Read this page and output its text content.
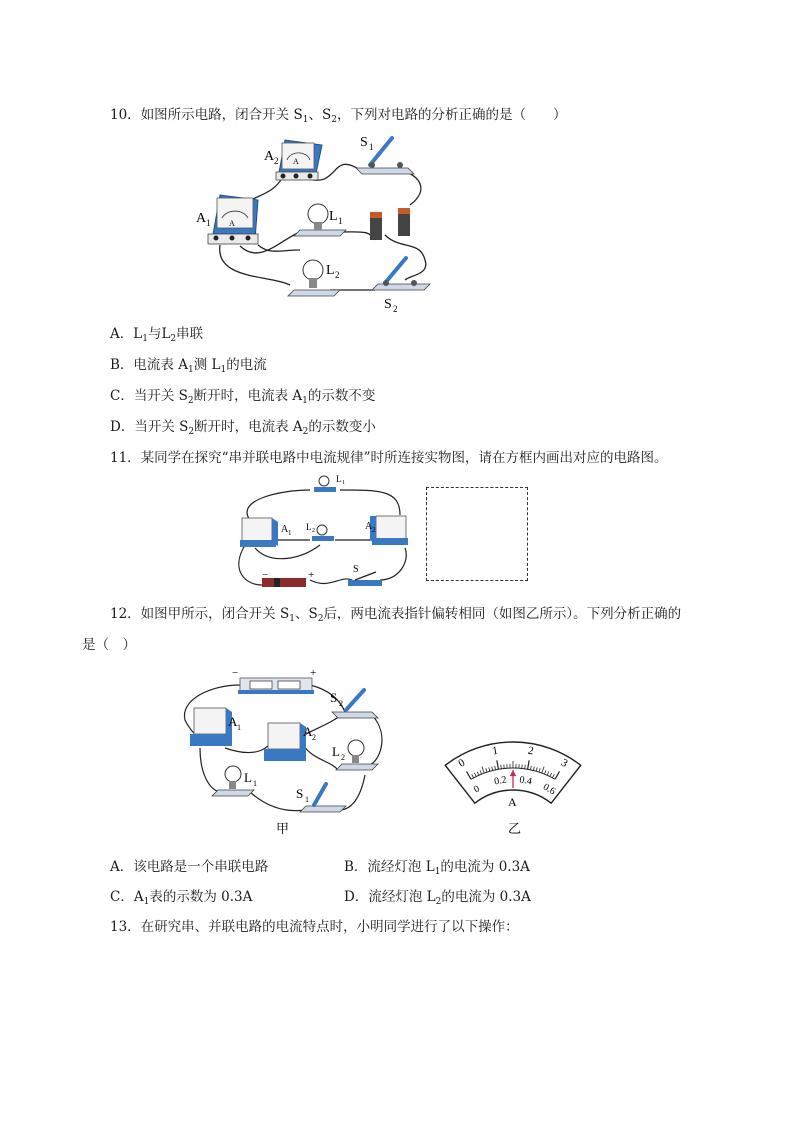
10．如图所示电路，闭合开关 $S_1$、$S_2$，下列对电路的分析正确的是（　　）
A 2 A
A 1 A
S 1
L 1
L 2
S 2
A．$L_1$与$L_2$串联
B．电流表 $A_1$测 $L_1$的电流
C．当开关 $S_2$断开时，电流表 $A_1$的示数不变
D．当开关 $S_2$断开时，电流表 $A_2$的示数变小
11．某同学在探究“串并联电路中电流规律”时所连接实物图，请在方框内画出对应的电路图。
A 1
A 2
L 1
L 2
−	+	S
12．如图甲所示，闭合开关 $S_1$、$S_2$后，两电流表指针偏转相同（如图乙所示）。下列分析正确的
是（　）
−	+
A 1	A 2
S 2
L 2
L 1
S 1
甲
0
1	2
3
0
0.2 0.4
0.6
A
乙
A．该电路是一个串联电路	B．流经灯泡 $L_1$的电流为 0.3A
C．$A_1$表的示数为 0.3A	D．流经灯泡 $L_2$的电流为 0.3A
13．在研究串、并联电路的电流特点时，小明同学进行了以下操作：
